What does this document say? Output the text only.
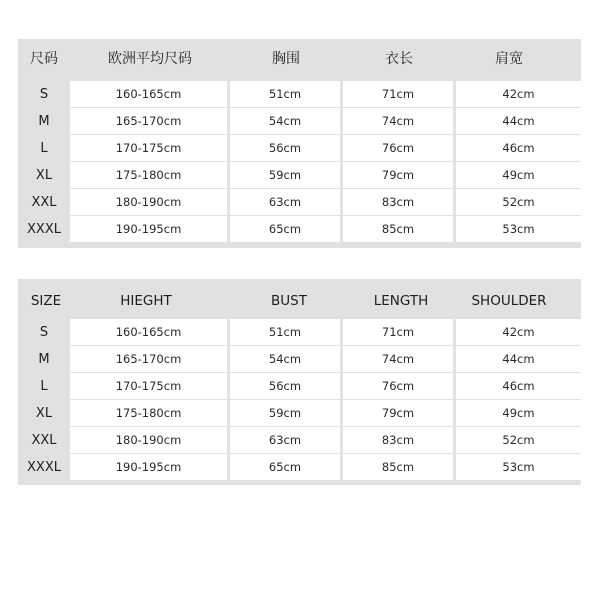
尺码	欧洲平均尺码	胸围	衣长	肩宽
S	160-165cm	51cm	71cm	42cm
M	165-170cm	54cm	74cm	44cm
L	170-175cm	56cm	76cm	46cm
XL	175-180cm	59cm	79cm	49cm
XXL	180-190cm	63cm	83cm	52cm
XXXL	190-195cm	65cm	85cm	53cm
SIZE	HIEGHT	BUST	LENGTH	SHOULDER
S	160-165cm	51cm	71cm	42cm
M	165-170cm	54cm	74cm	44cm
L	170-175cm	56cm	76cm	46cm
XL	175-180cm	59cm	79cm	49cm
XXL	180-190cm	63cm	83cm	52cm
XXXL	190-195cm	65cm	85cm	53cm
